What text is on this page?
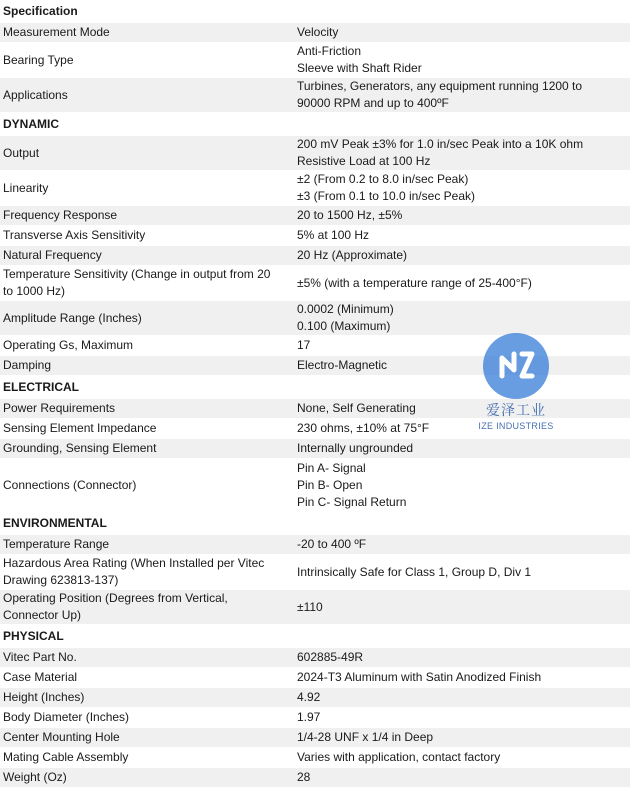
Specification	
Measurement Mode	Velocity
Bearing Type	Anti-Friction
Sleeve with Shaft Rider

Applications	Turbines, Generators, any equipment running 1200 to
90000 RPM and up to 400ºF

DYNAMIC	
Output	200 mV Peak ±3% for 1.0 in/sec Peak into a 10K ohm
Resistive Load at 100 Hz

Linearity	±2 (From 0.2 to 8.0 in/sec Peak)
±3 (From 0.1 to 10.0 in/sec Peak)

Frequency Response	20 to 1500 Hz, ±5%
Transverse Axis Sensitivity	5% at 100 Hz
Natural Frequency	20 Hz (Approximate)

Temperature Sensitivity (Change in output from 20
to 1000 Hz)	±5% (with a temperature range of 25-400°F)
Amplitude Range (Inches)	0.0002 (Minimum)
0.100 (Maximum)

Operating Gs, Maximum	17
Damping	Electro-Magnetic
ELECTRICAL	
Power Requirements	None, Self Generating
Sensing Element Impedance	230 ohms, ±10% at 75°F
Grounding, Sensing Element	Internally ungrounded
Connections (Connector)	Pin A- Signal
Pin B- Open
Pin C- Signal Return

ENVIRONMENTAL	
Temperature Range	-20 to 400 ºF

Hazardous Area Rating (When Installed per Vitec
Drawing 623813-137)	Intrinsically Safe for Class 1, Group D, Div 1

Operating Position (Degrees from Vertical,
Connector Up)	±110
PHYSICAL	
Vitec Part No.	602885-49R
Case Material	2024-T3 Aluminum with Satin Anodized Finish
Height (Inches)	4.92
Body Diameter (Inches)	1.97
Center Mounting Hole	1/4-28 UNF x 1/4 in Deep
Mating Cable Assembly	Varies with application, contact factory
Weight (Oz)	28
爱泽工业
IZE INDUSTRIES
